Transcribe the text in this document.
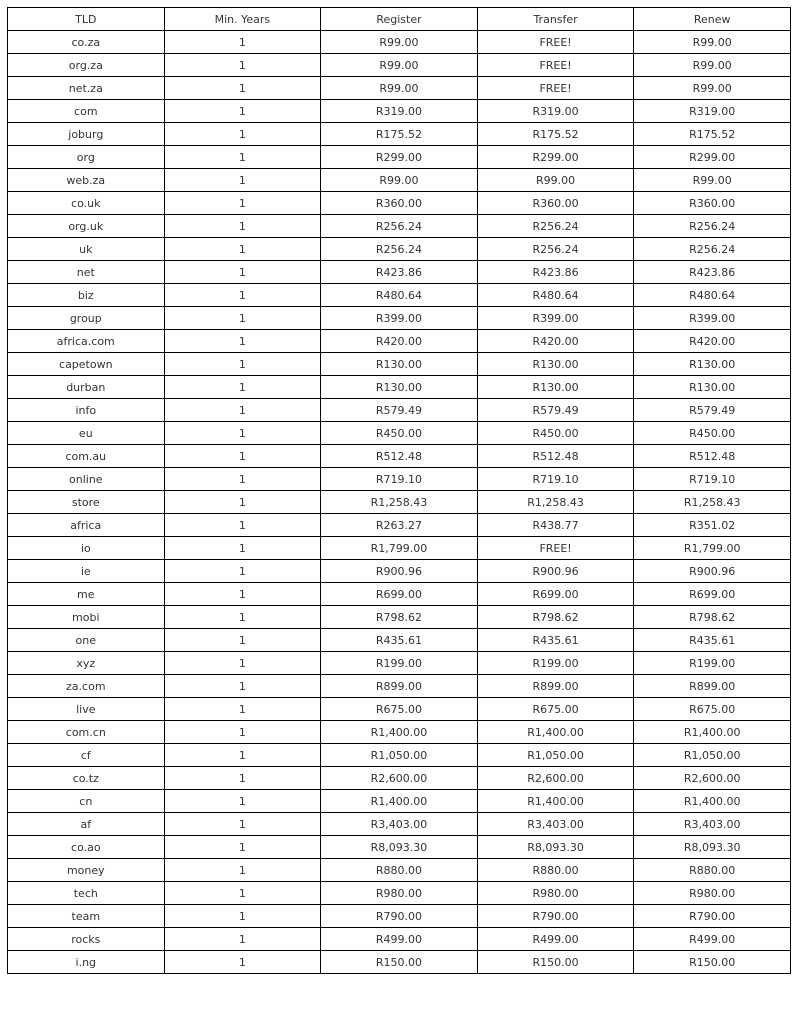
TLD	Min. Years	Register	Transfer	Renew
co.za	1	R99.00	FREE!	R99.00
org.za	1	R99.00	FREE!	R99.00
net.za	1	R99.00	FREE!	R99.00
com	1	R319.00	R319.00	R319.00
joburg	1	R175.52	R175.52	R175.52
org	1	R299.00	R299.00	R299.00
web.za	1	R99.00	R99.00	R99.00
co.uk	1	R360.00	R360.00	R360.00
org.uk	1	R256.24	R256.24	R256.24
uk	1	R256.24	R256.24	R256.24
net	1	R423.86	R423.86	R423.86
biz	1	R480.64	R480.64	R480.64
group	1	R399.00	R399.00	R399.00
africa.com	1	R420.00	R420.00	R420.00
capetown	1	R130.00	R130.00	R130.00
durban	1	R130.00	R130.00	R130.00
info	1	R579.49	R579.49	R579.49
eu	1	R450.00	R450.00	R450.00
com.au	1	R512.48	R512.48	R512.48
online	1	R719.10	R719.10	R719.10
store	1	R1,258.43	R1,258.43	R1,258.43
africa	1	R263.27	R438.77	R351.02
io	1	R1,799.00	FREE!	R1,799.00
ie	1	R900.96	R900.96	R900.96
me	1	R699.00	R699.00	R699.00
mobi	1	R798.62	R798.62	R798.62
one	1	R435.61	R435.61	R435.61
xyz	1	R199.00	R199.00	R199.00
za.com	1	R899.00	R899.00	R899.00
live	1	R675.00	R675.00	R675.00
com.cn	1	R1,400.00	R1,400.00	R1,400.00
cf	1	R1,050.00	R1,050.00	R1,050.00
co.tz	1	R2,600.00	R2,600.00	R2,600.00
cn	1	R1,400.00	R1,400.00	R1,400.00
af	1	R3,403.00	R3,403.00	R3,403.00
co.ao	1	R8,093.30	R8,093.30	R8,093.30
money	1	R880.00	R880.00	R880.00
tech	1	R980.00	R980.00	R980.00
team	1	R790.00	R790.00	R790.00
rocks	1	R499.00	R499.00	R499.00
i.ng	1	R150.00	R150.00	R150.00
